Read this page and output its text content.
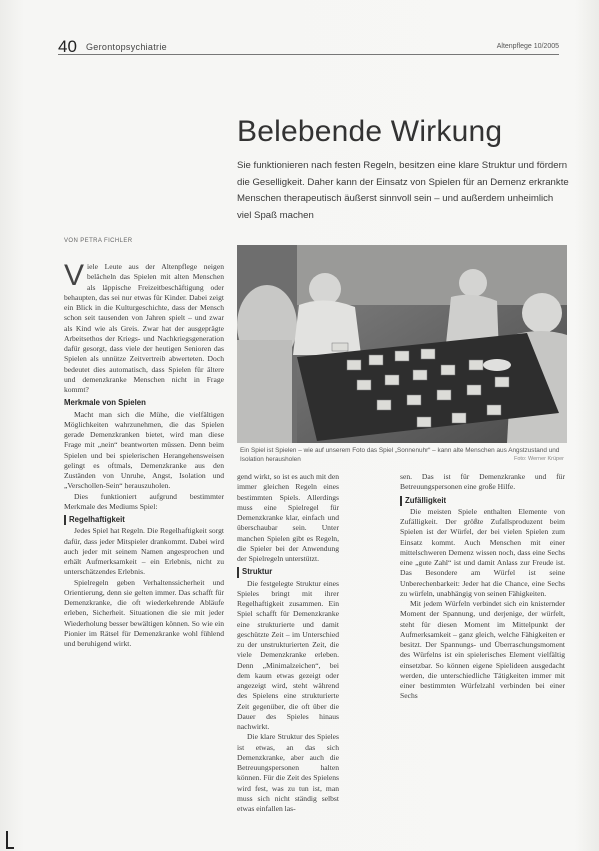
40 Gerontopsychiatrie	Altenpflege 10/2005
Belebende Wirkung
Sie funktionieren nach festen Regeln, besitzen eine klare Struktur und fördern die Geselligkeit. Daher kann der Einsatz von Spielen für an Demenz erkrankte Menschen therapeutisch äußerst sinnvoll sein – und außerdem unheimlich viel Spaß machen
VON PETRA FICHLER
Ein Spiel ist Spielen – wie auf unserem Foto das Spiel „Sonnenuhr“ – kann alte Menschen aus Angstzustand und Isolation herausholen	Foto: Werner Krüper

Viele Leute aus der Altenpflege neigen belächeln das Spielen mit alten Menschen als läppische Freizeitbeschäftigung oder behaupten, das sei nur etwas für Kinder. Dabei zeigt ein Blick in die Kulturgeschichte, dass der Mensch schon seit tausenden von Jahren spielt – und zwar als Kind wie als Greis. Zwar hat der ausgeprägte Arbeitsethos der Kriegs- und Nachkriegsgeneration dafür gesorgt, dass viele der heutigen Senioren das Spielen als unnütze Zeitvertreib abwerteten. Doch bedeutet dies automatisch, dass Spielen für ältere und demenzkranke Menschen nicht in Frage kommt?

Merkmale von Spielen

Macht man sich die Mühe, die vielfältigen Möglichkeiten wahrzunehmen, die das Spielen gerade Demenzkranken bietet, wird man diese Frage mit „nein“ beantworten müssen. Denn beim Spielen und bei spielerischen Herangehensweisen gelingt es oftmals, Demenzkranke aus den Zuständen von Unruhe, Angst, Isolation und „Verschollen-Sein“ herauszuholen.

Dies funktioniert aufgrund bestimmter Merkmale des Mediums Spiel:

Regelhaftigkeit

Jedes Spiel hat Regeln. Die Regelhaftigkeit sorgt dafür, dass jeder Mitspieler drankommt. Dabei wird auch jeder mit seinem Namen angesprochen und erhält Aufmerksamkeit – ein Erlebnis, nicht zu unterschätzendes Erlebnis.

Spielregeln geben Verhaltenssicherheit und Orientierung, denn sie gelten immer. Das schafft für Demenzkranke, die oft wiederkehrende Abläufe erleben, Sicherheit. Situationen die sie mit jeder Wiederholung besser bewältigen können. So wie ein Pionier im Rätsel für Demenzkranke wohl fühlend und beruhigend wirkt.

gend wirkt, so ist es auch mit den immer gleichen Regeln eines bestimmten Spiels. Allerdings muss eine Spielregel für Demenzkranke klar, einfach und überschaubar sein. Unter manchen Spielen gibt es Regeln, die Spieler bei der Anwendung der Spielregeln unterstützt.

Struktur

Die festgelegte Struktur eines Spieles bringt mit ihrer Regelhaftigkeit zusammen. Ein Spiel schafft für Demenzkranke eine strukturierte und damit geschützte Zeit – im Unterschied zu der unstrukturierten Zeit, die viele Demenzkranke erleben. Denn „Minimalzeichen“, bei dem kaum etwas gezeigt oder angezeigt wird, steht während des Spielens eine strukturierte Zeit gegenüber, die oft über die Dauer des Spieles hinaus nachwirkt.

Die klare Struktur des Spieles ist etwas, an das sich Demenzkranke, aber auch die Betreuungspersonen halten können. Für die Zeit des Spielens wird fest, was zu tun ist, man muss sich nicht ständig selbst etwas einfallen las-

sen. Das ist für Demenzkranke und für Betreuungspersonen eine große Hilfe.

Zufälligkeit

Die meisten Spiele enthalten Elemente von Zufälligkeit. Der größte Zufallsproduzent beim Spielen ist der Würfel, der bei vielen Spielen zum Einsatz kommt. Auch Menschen mit einer mittelschweren Demenz wissen noch, dass eine Sechs eine „gute Zahl“ ist und damit Anlass zur Freude ist. Das Besondere am Würfel ist seine Unberechenbarkeit: Jeder hat die Chance, eine Sechs zu würfeln, unabhängig von seinen Fähigkeiten.

Mit jedem Würfeln verbindet sich ein knisternder Moment der Spannung, und derjenige, der würfelt, steht für diesen Moment im Mittelpunkt der Aufmerksamkeit – ganz gleich, welche Fähigkeiten er besitzt. Der Spannungs- und Überraschungsmoment des Würfelns ist ein spielerisches Element vielfältig einsetzbar. So können eigene Spielideen ausgedacht werden, die unterschiedliche Tätigkeiten immer mit einer bestimmten Würfelzahl verbinden bei einer Sechs
